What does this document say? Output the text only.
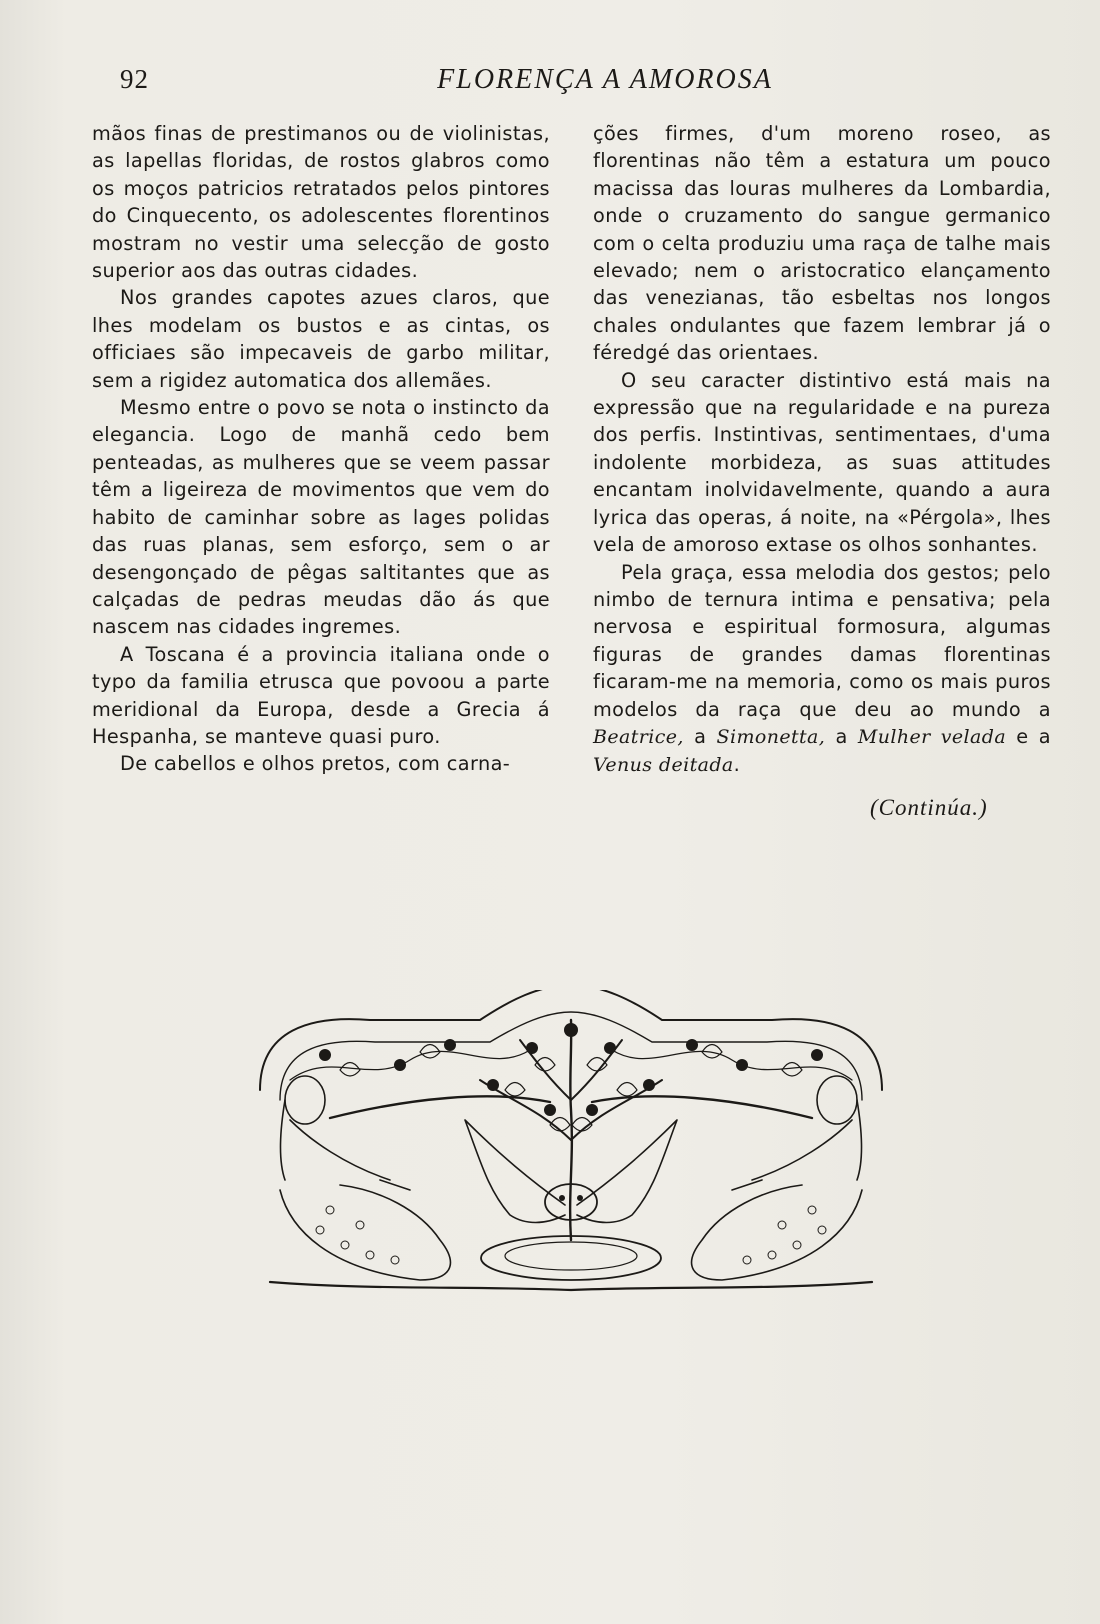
92	FLORENÇA A AMOROSA

mãos finas de prestimanos ou de violinistas, as lapellas floridas, de rostos glabros como os moços patricios retratados pelos pintores do Cinquecento, os adolescentes florentinos mostram no vestir uma selecção de gosto superior aos das outras cidades.

Nos grandes capotes azues claros, que lhes modelam os bustos e as cintas, os officiaes são impecaveis de garbo militar, sem a rigidez automatica dos allemães.

Mesmo entre o povo se nota o instincto da elegancia. Logo de manhã cedo bem penteadas, as mulheres que se veem passar têm a ligeireza de movimentos que vem do habito de caminhar sobre as lages polidas das ruas planas, sem esforço, sem o ar desengonçado de pêgas saltitantes que as calçadas de pedras meudas dão ás que nascem nas cidades ingremes.

A Toscana é a provincia italiana onde o typo da familia etrusca que povoou a parte meridional da Europa, desde a Grecia á Hespanha, se manteve quasi puro.

De cabellos e olhos pretos, com carna-

ções firmes, d'um moreno roseo, as florentinas não têm a estatura um pouco macissa das louras mulheres da Lombardia, onde o cruzamento do sangue germanico com o celta produziu uma raça de talhe mais elevado; nem o aristocratico elançamento das venezianas, tão esbeltas nos longos chales ondulantes que fazem lembrar já o féredgé das orientaes.

O seu caracter distintivo está mais na expressão que na regularidade e na pureza dos perfis. Instintivas, sentimentaes, d'uma indolente morbideza, as suas attitudes encantam inolvidavelmente, quando a aura lyrica das operas, á noite, na «Pérgola», lhes vela de amoroso extase os olhos sonhantes.

Pela graça, essa melodia dos gestos; pelo nimbo de ternura intima e pensativa; pela nervosa e espiritual formosura, algumas figuras de grandes damas florentinas ficaram-me na memoria, como os mais puros modelos da raça que deu ao mundo a Beatrice, a Simonetta, a Mulher velada e a Venus deitada.

(Continúa.)
